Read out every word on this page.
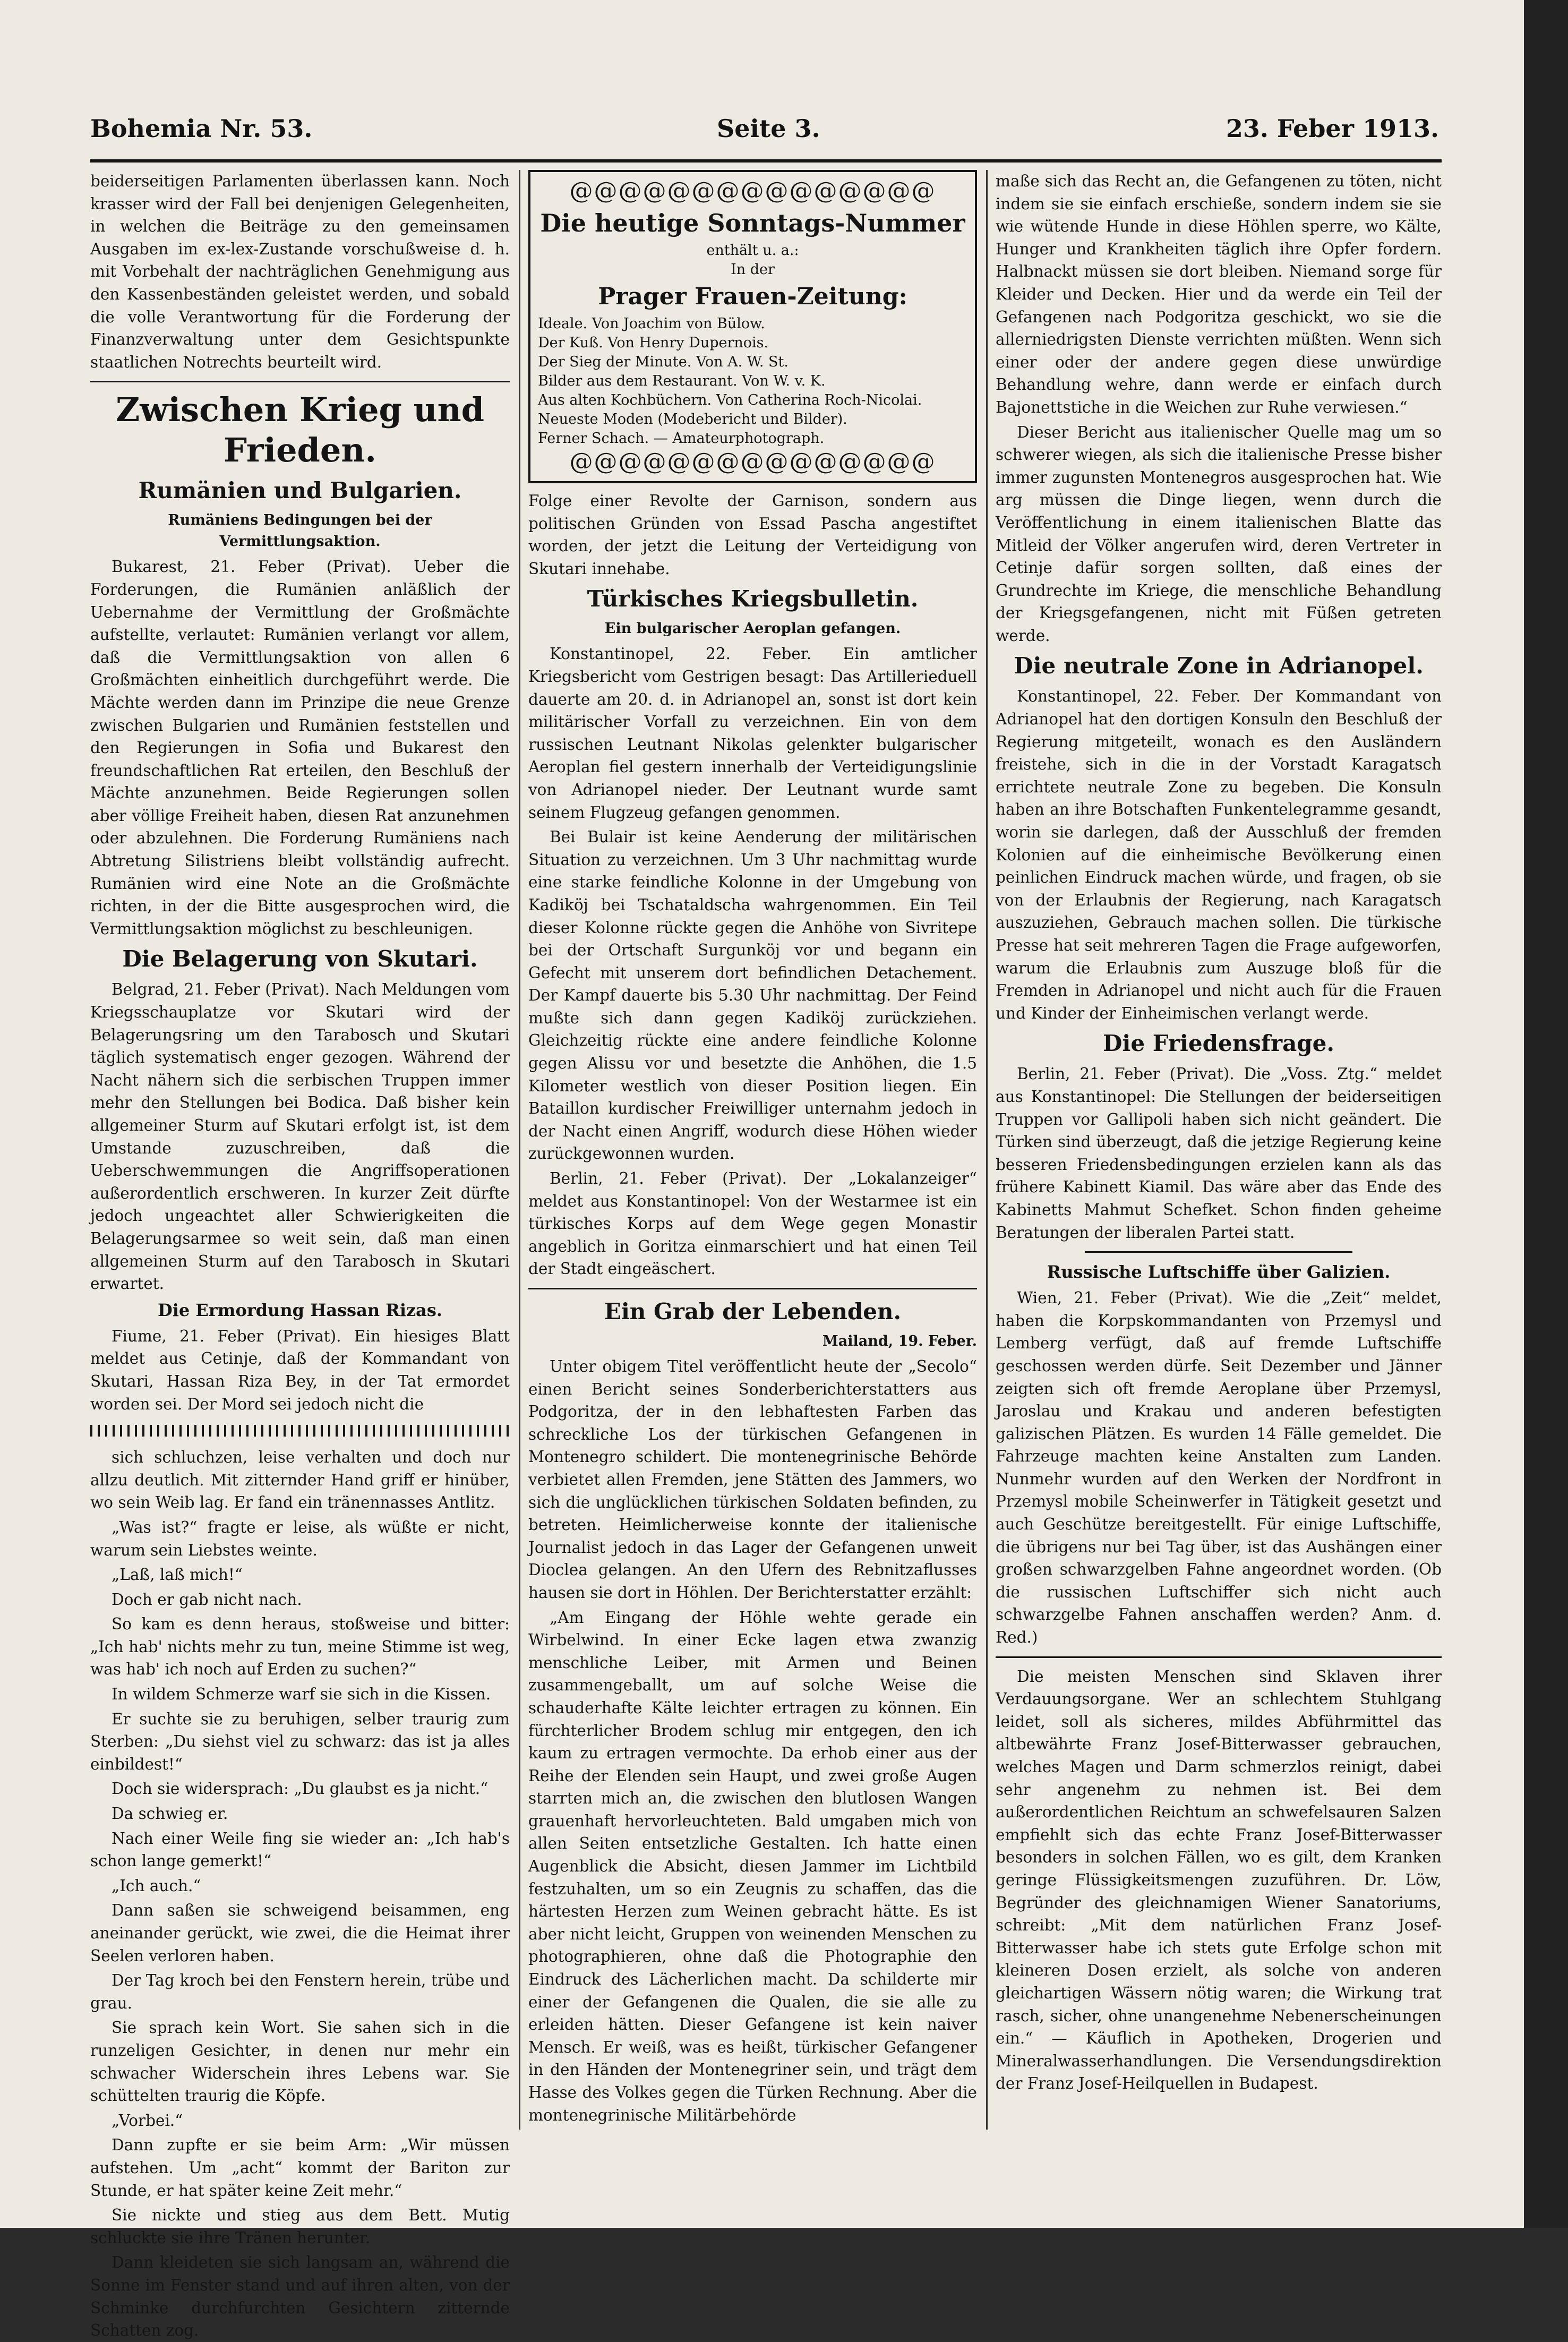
Bohemia Nr. 53.	Seite 3.	23. Feber 1913.

beiderseitigen Parlamenten überlassen kann. Noch krasser wird der Fall bei denjenigen Gelegenheiten, in welchen die Beiträge zu den gemeinsamen Ausgaben im ex-lex-Zustande vorschußweise d. h. mit Vorbehalt der nachträglichen Genehmigung aus den Kassenbeständen geleistet werden, und sobald die volle Verantwortung für die Forderung der Finanzverwaltung unter dem Gesichtspunkte staatlichen Notrechts beurteilt wird.

Zwischen Krieg und Frieden.
Rumänien und Bulgarien.
Rumäniens Bedingungen bei der Vermittlungsaktion.

Bukarest, 21. Feber (Privat). Ueber die Forderungen, die Rumänien anläßlich der Uebernahme der Vermittlung der Großmächte aufstellte, verlautet: Rumänien verlangt vor allem, daß die Vermittlungsaktion von allen 6 Großmächten einheitlich durchgeführt werde. Die Mächte werden dann im Prinzipe die neue Grenze zwischen Bulgarien und Rumänien feststellen und den Regierungen in Sofia und Bukarest den freundschaftlichen Rat erteilen, den Beschluß der Mächte anzunehmen. Beide Regierungen sollen aber völlige Freiheit haben, diesen Rat anzunehmen oder abzulehnen. Die Forderung Rumäniens nach Abtretung Silistriens bleibt vollständig aufrecht. Rumänien wird eine Note an die Großmächte richten, in der die Bitte ausgesprochen wird, die Vermittlungsaktion möglichst zu beschleunigen.

Die Belagerung von Skutari.

Belgrad, 21. Feber (Privat). Nach Meldungen vom Kriegsschauplatze vor Skutari wird der Belagerungsring um den Tarabosch und Skutari täglich systematisch enger gezogen. Während der Nacht nähern sich die serbischen Truppen immer mehr den Stellungen bei Bodica. Daß bisher kein allgemeiner Sturm auf Skutari erfolgt ist, ist dem Umstande zuzuschreiben, daß die Ueberschwemmungen die Angriffsoperationen außerordentlich erschweren. In kurzer Zeit dürfte jedoch ungeachtet aller Schwierigkeiten die Belagerungsarmee so weit sein, daß man einen allgemeinen Sturm auf den Tarabosch in Skutari erwartet.

Die Ermordung Hassan Rizas.

Fiume, 21. Feber (Privat). Ein hiesiges Blatt meldet aus Cetinje, daß der Kommandant von Skutari, Hassan Riza Bey, in der Tat ermordet worden sei. Der Mord sei jedoch nicht die

sich schluchzen, leise verhalten und doch nur allzu deutlich. Mit zitternder Hand griff er hinüber, wo sein Weib lag. Er fand ein tränennasses Antlitz.

„Was ist?“ fragte er leise, als wüßte er nicht, warum sein Liebstes weinte.

„Laß, laß mich!“

Doch er gab nicht nach.

So kam es denn heraus, stoßweise und bitter: „Ich hab' nichts mehr zu tun, meine Stimme ist weg, was hab' ich noch auf Erden zu suchen?“

In wildem Schmerze warf sie sich in die Kissen.

Er suchte sie zu beruhigen, selber traurig zum Sterben: „Du siehst viel zu schwarz: das ist ja alles einbildest!“

Doch sie widersprach: „Du glaubst es ja nicht.“

Da schwieg er.

Nach einer Weile fing sie wieder an: „Ich hab's schon lange gemerkt!“

„Ich auch.“

Dann saßen sie schweigend beisammen, eng aneinander gerückt, wie zwei, die die Heimat ihrer Seelen verloren haben.

Der Tag kroch bei den Fenstern herein, trübe und grau.

Sie sprach kein Wort. Sie sahen sich in die runzeligen Gesichter, in denen nur mehr ein schwacher Widerschein ihres Lebens war. Sie schüttelten traurig die Köpfe.

„Vorbei.“

Dann zupfte er sie beim Arm: „Wir müssen aufstehen. Um „acht“ kommt der Bariton zur Stunde, er hat später keine Zeit mehr.“

Sie nickte und stieg aus dem Bett. Mutig schluckte sie ihre Tränen herunter.

Dann kleideten sie sich langsam an, während die Sonne im Fenster stand und auf ihren alten, von der Schminke durchfurchten Gesichtern zitternde Schatten zog.

@@@@@@@@@@@@@@@
Die heutige Sonntags-Nummer
enthält u. a.:
In der
Prager Frauen-Zeitung:
Ideale. Von Joachim von Bülow.
Der Kuß. Von Henry Dupernois.
Der Sieg der Minute. Von A. W. St.
Bilder aus dem Restaurant. Von W. v. K.
Aus alten Kochbüchern. Von Catherina Roch-Nicolai.
Neueste Moden (Modebericht und Bilder).
Ferner Schach. — Amateurphotograph.
@@@@@@@@@@@@@@@

Folge einer Revolte der Garnison, sondern aus politischen Gründen von Essad Pascha angestiftet worden, der jetzt die Leitung der Verteidigung von Skutari innehabe.

Türkisches Kriegsbulletin.
Ein bulgarischer Aeroplan gefangen.

Konstantinopel, 22. Feber. Ein amtlicher Kriegsbericht vom Gestrigen besagt: Das Artillerieduell dauerte am 20. d. in Adrianopel an, sonst ist dort kein militärischer Vorfall zu verzeichnen. Ein von dem russischen Leutnant Nikolas gelenkter bulgarischer Aeroplan fiel gestern innerhalb der Verteidigungslinie von Adrianopel nieder. Der Leutnant wurde samt seinem Flugzeug gefangen genommen.

Bei Bulair ist keine Aenderung der militärischen Situation zu verzeichnen. Um 3 Uhr nachmittag wurde eine starke feindliche Kolonne in der Umgebung von Kadiköj bei Tschataldscha wahrgenommen. Ein Teil dieser Kolonne rückte gegen die Anhöhe von Sivritepe bei der Ortschaft Surgunköj vor und begann ein Gefecht mit unserem dort befindlichen Detachement. Der Kampf dauerte bis 5.30 Uhr nachmittag. Der Feind mußte sich dann gegen Kadiköj zurückziehen. Gleichzeitig rückte eine andere feindliche Kolonne gegen Alissu vor und besetzte die Anhöhen, die 1.5 Kilometer westlich von dieser Position liegen. Ein Bataillon kurdischer Freiwilliger unternahm jedoch in der Nacht einen Angriff, wodurch diese Höhen wieder zurückgewonnen wurden.

Berlin, 21. Feber (Privat). Der „Lokalanzeiger“ meldet aus Konstantinopel: Von der Westarmee ist ein türkisches Korps auf dem Wege gegen Monastir angeblich in Goritza einmarschiert und hat einen Teil der Stadt eingeäschert.

Ein Grab der Lebenden.
Mailand, 19. Feber.

Unter obigem Titel veröffentlicht heute der „Secolo“ einen Bericht seines Sonderberichterstatters aus Podgoritza, der in den lebhaftesten Farben das schreckliche Los der türkischen Gefangenen in Montenegro schildert. Die montenegrinische Behörde verbietet allen Fremden, jene Stätten des Jammers, wo sich die unglücklichen türkischen Soldaten befinden, zu betreten. Heimlicherweise konnte der italienische Journalist jedoch in das Lager der Gefangenen unweit Dioclea gelangen. An den Ufern des Rebnitzaflusses hausen sie dort in Höhlen. Der Berichterstatter erzählt:

„Am Eingang der Höhle wehte gerade ein Wirbelwind. In einer Ecke lagen etwa zwanzig menschliche Leiber, mit Armen und Beinen zusammengeballt, um auf solche Weise die schauderhafte Kälte leichter ertragen zu können. Ein fürchterlicher Brodem schlug mir entgegen, den ich kaum zu ertragen vermochte. Da erhob einer aus der Reihe der Elenden sein Haupt, und zwei große Augen starrten mich an, die zwischen den blutlosen Wangen grauenhaft hervorleuchteten. Bald umgaben mich von allen Seiten entsetzliche Gestalten. Ich hatte einen Augenblick die Absicht, diesen Jammer im Lichtbild festzuhalten, um so ein Zeugnis zu schaffen, das die härtesten Herzen zum Weinen gebracht hätte. Es ist aber nicht leicht, Gruppen von weinenden Menschen zu photographieren, ohne daß die Photographie den Eindruck des Lächerlichen macht. Da schilderte mir einer der Gefangenen die Qualen, die sie alle zu erleiden hätten. Dieser Gefangene ist kein naiver Mensch. Er weiß, was es heißt, türkischer Gefangener in den Händen der Montenegriner sein, und trägt dem Hasse des Volkes gegen die Türken Rechnung. Aber die montenegrinische Militärbehörde

maße sich das Recht an, die Gefangenen zu töten, nicht indem sie sie einfach erschieße, sondern indem sie sie wie wütende Hunde in diese Höhlen sperre, wo Kälte, Hunger und Krankheiten täglich ihre Opfer fordern. Halbnackt müssen sie dort bleiben. Niemand sorge für Kleider und Decken. Hier und da werde ein Teil der Gefangenen nach Podgoritza geschickt, wo sie die allerniedrigsten Dienste verrichten müßten. Wenn sich einer oder der andere gegen diese unwürdige Behandlung wehre, dann werde er einfach durch Bajonettstiche in die Weichen zur Ruhe verwiesen.“

Dieser Bericht aus italienischer Quelle mag um so schwerer wiegen, als sich die italienische Presse bisher immer zugunsten Montenegros ausgesprochen hat. Wie arg müssen die Dinge liegen, wenn durch die Veröffentlichung in einem italienischen Blatte das Mitleid der Völker angerufen wird, deren Vertreter in Cetinje dafür sorgen sollten, daß eines der Grundrechte im Kriege, die menschliche Behandlung der Kriegsgefangenen, nicht mit Füßen getreten werde.

Die neutrale Zone in Adrianopel.

Konstantinopel, 22. Feber. Der Kommandant von Adrianopel hat den dortigen Konsuln den Beschluß der Regierung mitgeteilt, wonach es den Ausländern freistehe, sich in die in der Vorstadt Karagatsch errichtete neutrale Zone zu begeben. Die Konsuln haben an ihre Botschaften Funkentelegramme gesandt, worin sie darlegen, daß der Ausschluß der fremden Kolonien auf die einheimische Bevölkerung einen peinlichen Eindruck machen würde, und fragen, ob sie von der Erlaubnis der Regierung, nach Karagatsch auszuziehen, Gebrauch machen sollen. Die türkische Presse hat seit mehreren Tagen die Frage aufgeworfen, warum die Erlaubnis zum Auszuge bloß für die Fremden in Adrianopel und nicht auch für die Frauen und Kinder der Einheimischen verlangt werde.

Die Friedensfrage.

Berlin, 21. Feber (Privat). Die „Voss. Ztg.“ meldet aus Konstantinopel: Die Stellungen der beiderseitigen Truppen vor Gallipoli haben sich nicht geändert. Die Türken sind überzeugt, daß die jetzige Regierung keine besseren Friedensbedingungen erzielen kann als das frühere Kabinett Kiamil. Das wäre aber das Ende des Kabinetts Mahmut Schefket. Schon finden geheime Beratungen der liberalen Partei statt.

Russische Luftschiffe über Galizien.

Wien, 21. Feber (Privat). Wie die „Zeit“ meldet, haben die Korpskommandanten von Przemysl und Lemberg verfügt, daß auf fremde Luftschiffe geschossen werden dürfe. Seit Dezember und Jänner zeigten sich oft fremde Aeroplane über Przemysl, Jaroslau und Krakau und anderen befestigten galizischen Plätzen. Es wurden 14 Fälle gemeldet. Die Fahrzeuge machten keine Anstalten zum Landen. Nunmehr wurden auf den Werken der Nordfront in Przemysl mobile Scheinwerfer in Tätigkeit gesetzt und auch Geschütze bereitgestellt. Für einige Luftschiffe, die übrigens nur bei Tag über, ist das Aushängen einer großen schwarzgelben Fahne angeordnet worden. (Ob die russischen Luftschiffer sich nicht auch schwarzgelbe Fahnen anschaffen werden? Anm. d. Red.)

Die meisten Menschen sind Sklaven ihrer Verdauungsorgane. Wer an schlechtem Stuhlgang leidet, soll als sicheres, mildes Abführmittel das altbewährte Franz Josef-Bitterwasser gebrauchen, welches Magen und Darm schmerzlos reinigt, dabei sehr angenehm zu nehmen ist. Bei dem außerordentlichen Reichtum an schwefelsauren Salzen empfiehlt sich das echte Franz Josef-Bitterwasser besonders in solchen Fällen, wo es gilt, dem Kranken geringe Flüssigkeitsmengen zuzuführen. Dr. Löw, Begründer des gleichnamigen Wiener Sanatoriums, schreibt: „Mit dem natürlichen Franz Josef-Bitterwasser habe ich stets gute Erfolge schon mit kleineren Dosen erzielt, als solche von anderen gleichartigen Wässern nötig waren; die Wirkung trat rasch, sicher, ohne unangenehme Nebenerscheinungen ein.“ — Käuflich in Apotheken, Drogerien und Mineralwasserhandlungen. Die Versendungsdirektion der Franz Josef-Heilquellen in Budapest.
